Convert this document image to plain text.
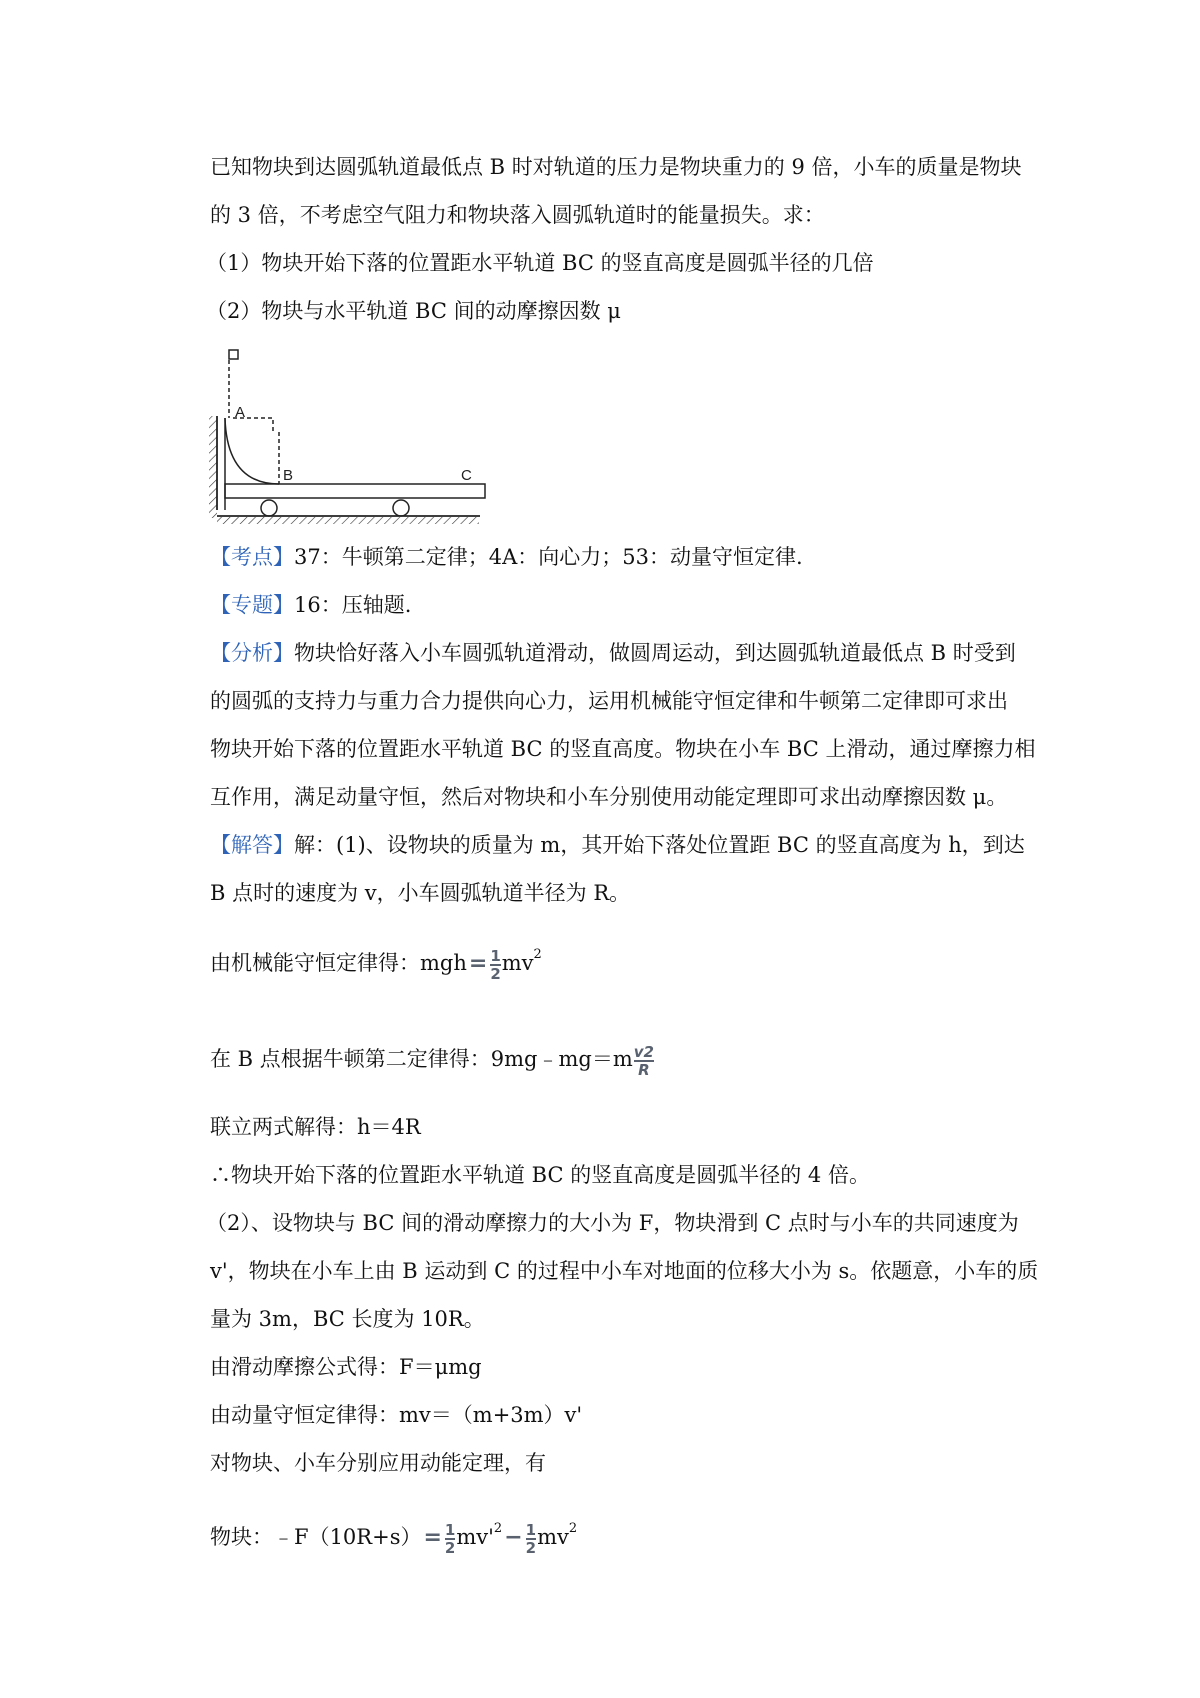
已知物块到达圆弧轨道最低点 B 时对轨道的压力是物块重力的 9 倍，小车的质量是物块
的 3 倍，不考虑空气阻力和物块落入圆弧轨道时的能量损失。求：
（1）物块开始下落的位置距水平轨道 BC 的竖直高度是圆弧半径的几倍
（2）物块与水平轨道 BC 间的动摩擦因数 μ
A
B	C
【考点】37：牛顿第二定律；4A：向心力；53：动量守恒定律.
【专题】16：压轴题.
【分析】物块恰好落入小车圆弧轨道滑动，做圆周运动，到达圆弧轨道最低点 B 时受到
的圆弧的支持力与重力合力提供向心力，运用机械能守恒定律和牛顿第二定律即可求出
物块开始下落的位置距水平轨道 BC 的竖直高度。物块在小车 BC 上滑动，通过摩擦力相
互作用，满足动量守恒，然后对物块和小车分别使用动能定理即可求出动摩擦因数 μ。
【解答】解：(1)、设物块的质量为 m，其开始下落处位置距 BC 的竖直高度为 h，到达
B 点时的速度为 v，小车圆弧轨道半径为 R。
由机械能守恒定律得：$mgh= \frac{1}{2} mv^2$
在 B 点根据牛顿第二定律得：9mg﹣mg＝m $\frac{v2}{R}$
联立两式解得：h＝4R
∴物块开始下落的位置距水平轨道 BC 的竖直高度是圆弧半径的 4 倍。
（2）、设物块与 BC 间的滑动摩擦力的大小为 F，物块滑到 C 点时与小车的共同速度为
v'，物块在小车上由 B 运动到 C 的过程中小车对地面的位移大小为 s。依题意，小车的质
量为 3m，BC 长度为 10R。
由滑动摩擦公式得：F＝μmg
由动量守恒定律得：mv＝（m+3m）v'
对物块、小车分别应用动能定理，有
物块：﹣F（10R+s）= $\frac{1}{2} mv'^2- \frac{1}{2} mv^2$
